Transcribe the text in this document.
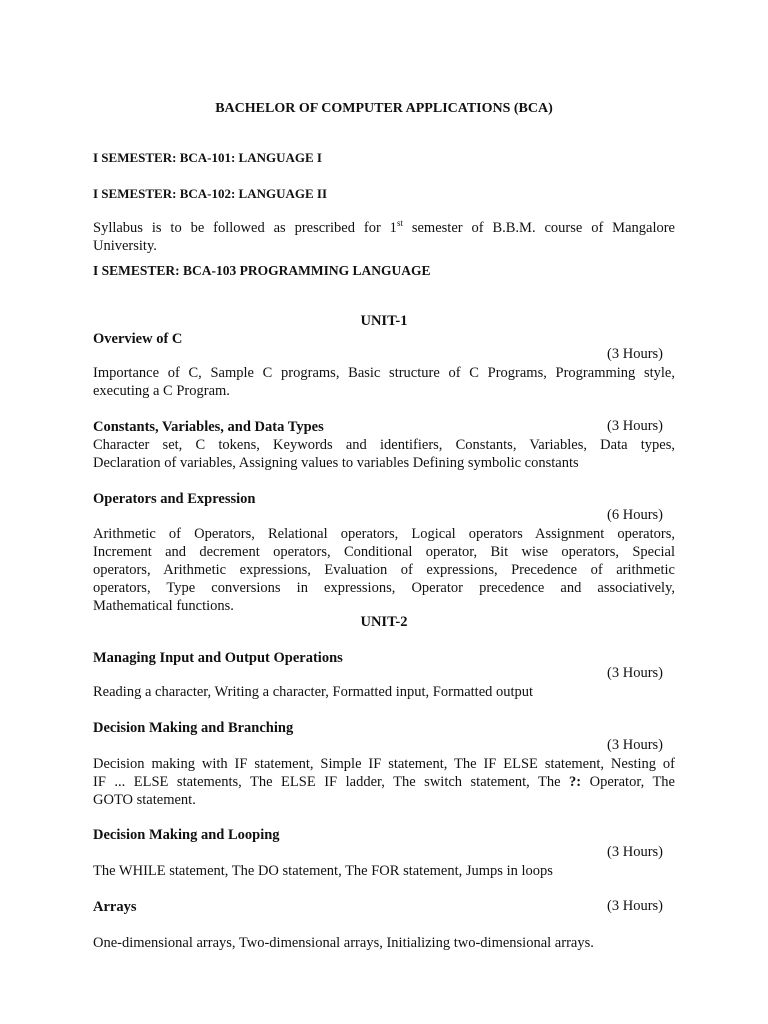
BACHELOR OF COMPUTER APPLICATIONS (BCA)
I SEMESTER: BCA-101: LANGUAGE I
I SEMESTER: BCA-102: LANGUAGE II
Syllabus is to be followed as prescribed for 1st semester of B.B.M. course of Mangalore
University.
I SEMESTER: BCA-103 PROGRAMMING LANGUAGE
UNIT-1
Overview of C
(3 Hours)
Importance of C, Sample C programs, Basic structure of C Programs, Programming style,
executing a C Program.
Constants, Variables, and Data Types	(3 Hours)
Character set, C tokens, Keywords and identifiers, Constants, Variables, Data types,
Declaration of variables, Assigning values to variables Defining symbolic constants
Operators and Expression
(6 Hours)
Arithmetic of Operators, Relational operators, Logical operators Assignment operators,
Increment and decrement operators, Conditional operator, Bit wise operators, Special
operators, Arithmetic expressions, Evaluation of expressions, Precedence of arithmetic
operators, Type conversions in expressions, Operator precedence and associatively,
Mathematical functions.
UNIT-2
Managing Input and Output Operations
(3 Hours)
Reading a character, Writing a character, Formatted input, Formatted output
Decision Making and Branching
(3 Hours)
Decision making with IF statement, Simple IF statement, The IF ELSE statement, Nesting of
IF ... ELSE statements, The ELSE IF ladder, The switch statement, The ?: Operator, The
GOTO statement.
Decision Making and Looping
(3 Hours)
The WHILE statement, The DO statement, The FOR statement, Jumps in loops
Arrays	(3 Hours)
One-dimensional arrays, Two-dimensional arrays, Initializing two-dimensional arrays.
